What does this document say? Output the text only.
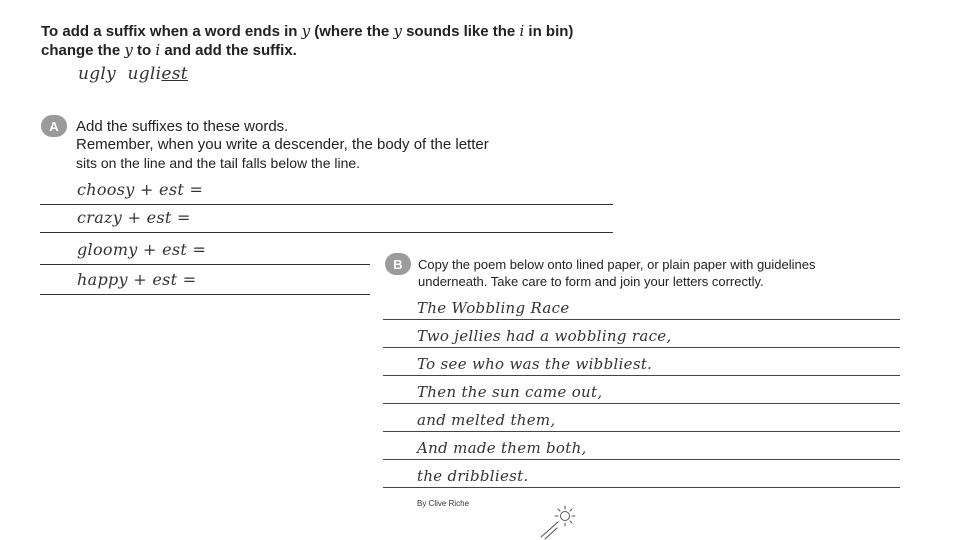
To add a suffix when a word ends in y (where the y sounds like the i in bin)
change the y to i and add the suffix.
ugly ugliest
A	Add the suffixes to these words.
Remember, when you write a descender, the body of the letter
sits on the line and the tail falls below the line.
choosy + est =
crazy + est =
gloomy + est =
happy + est =
B	Copy the poem below onto lined paper, or plain paper with guidelines
underneath. Take care to form and join your letters correctly.
The Wobbling Race
Two jellies had a wobbling race,
To see who was the wibbliest.
Then the sun came out,
and melted them,
And made them both,
the dribbliest.
By Clive Riche
